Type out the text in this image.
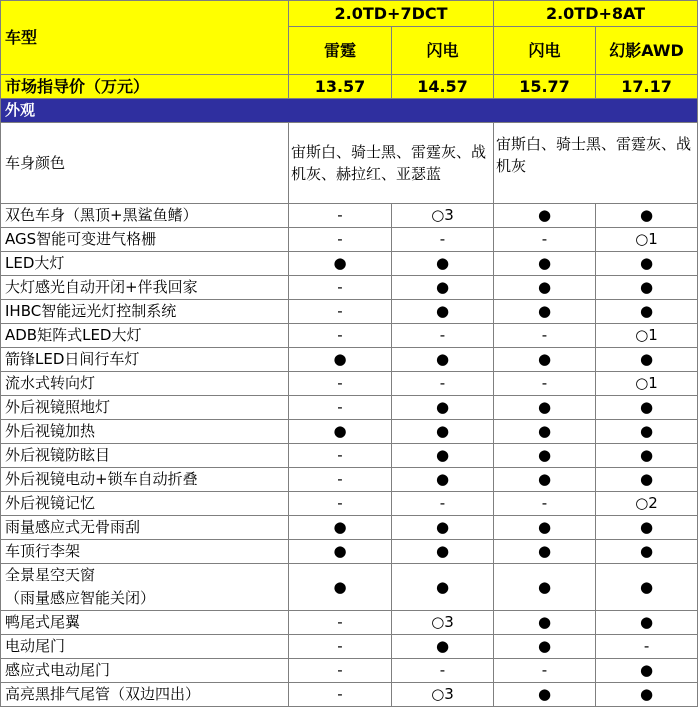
车型	2.0TD+7DCT		2.0TD+8AT	
	雷霆	闪电	闪电	幻影AWD
市场指导价（万元）	13.57	14.57	15.77	17.17
外观				
车身颜色	宙斯白、骑士黑、雷霆灰、战机灰、赫拉红、亚瑟蓝		宙斯白、骑士黑、雷霆灰、战机灰	
双色车身（黑顶+黑鲨鱼鳍）	-	○3	●	●
AGS智能可变进气格栅	-	-	-	○1
LED大灯	●	●	●	●
大灯感光自动开闭+伴我回家	-	●	●	●
IHBC智能远光灯控制系统	-	●	●	●
ADB矩阵式LED大灯	-	-	-	○1
箭锋LED日间行车灯	●	●	●	●
流水式转向灯	-	-	-	○1
外后视镜照地灯	-	●	●	●
外后视镜加热	●	●	●	●
外后视镜防眩目	-	●	●	●
外后视镜电动+锁车自动折叠	-	●	●	●
外后视镜记忆	-	-	-	○2
雨量感应式无骨雨刮	●	●	●	●
车顶行李架	●	●	●	●

全景星空天窗
（雨量感应智能关闭）	●	●	●	●
鸭尾式尾翼	-	○3	●	●
电动尾门	-	●	●	-
感应式电动尾门	-	-	-	●
高亮黑排气尾管（双边四出）	-	○3	●	●
